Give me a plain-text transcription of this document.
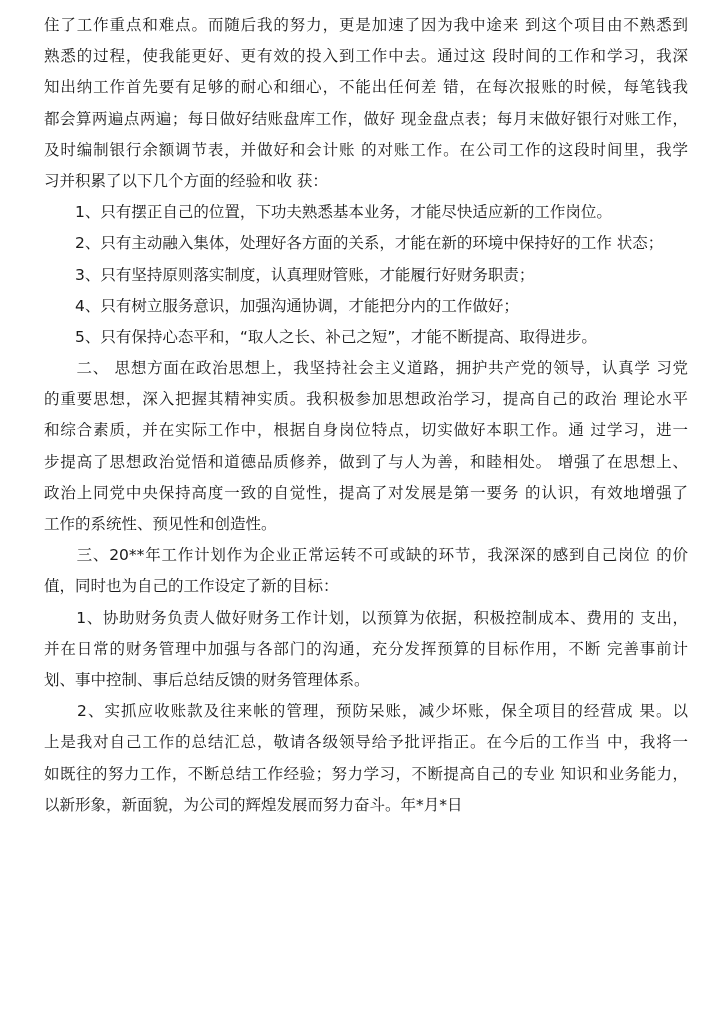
住了工作重点和难点。而随后我的努力，更是加速了因为我中途来 到这个项目由不熟悉到
熟悉的过程，使我能更好、更有效的投入到工作中去。通过这 段时间的工作和学习，我深
知出纳工作首先要有足够的耐心和细心，不能出任何差 错，在每次报账的时候，每笔钱我
都会算两遍点两遍；每日做好结账盘库工作，做好 现金盘点表；每月末做好银行对账工作，
及时编制银行余额调节表，并做好和会计账 的对账工作。在公司工作的这段时间里，我学
习并积累了以下几个方面的经验和收 获：
　　1、只有摆正自己的位置，下功夫熟悉基本业务，才能尽快适应新的工作岗位。
　　2、只有主动融入集体，处理好各方面的关系，才能在新的环境中保持好的工作 状态；
　　3、只有坚持原则落实制度，认真理财管账，才能履行好财务职责；
　　4、只有树立服务意识，加强沟通协调，才能把分内的工作做好；
　　5、只有保持心态平和，“取人之长、补己之短”，才能不断提高、取得进步。
　　二、 思想方面在政治思想上，我坚持社会主义道路，拥护共产党的领导，认真学 习党
的重要思想，深入把握其精神实质。我积极参加思想政治学习，提高自己的政治 理论水平
和综合素质，并在实际工作中，根据自身岗位特点，切实做好本职工作。通 过学习，进一
步提高了思想政治觉悟和道德品质修养，做到了与人为善，和睦相处。 增强了在思想上、
政治上同党中央保持高度一致的自觉性，提高了对发展是第一要务 的认识，有效地增强了
工作的系统性、预见性和创造性。
　　三、20**年工作计划作为企业正常运转不可或缺的环节，我深深的感到自己岗位 的价
值，同时也为自己的工作设定了新的目标：
　　1、协助财务负责人做好财务工作计划，以预算为依据，积极控制成本、费用的 支出，
并在日常的财务管理中加强与各部门的沟通，充分发挥预算的目标作用，不断 完善事前计
划、事中控制、事后总结反馈的财务管理体系。
　　2、实抓应收账款及往来帐的管理，预防呆账，减少坏账，保全项目的经营成 果。以
上是我对自己工作的总结汇总，敬请各级领导给予批评指正。在今后的工作当 中，我将一
如既往的努力工作，不断总结工作经验；努力学习，不断提高自己的专业 知识和业务能力，
以新形象，新面貌，为公司的辉煌发展而努力奋斗。年*月*日
